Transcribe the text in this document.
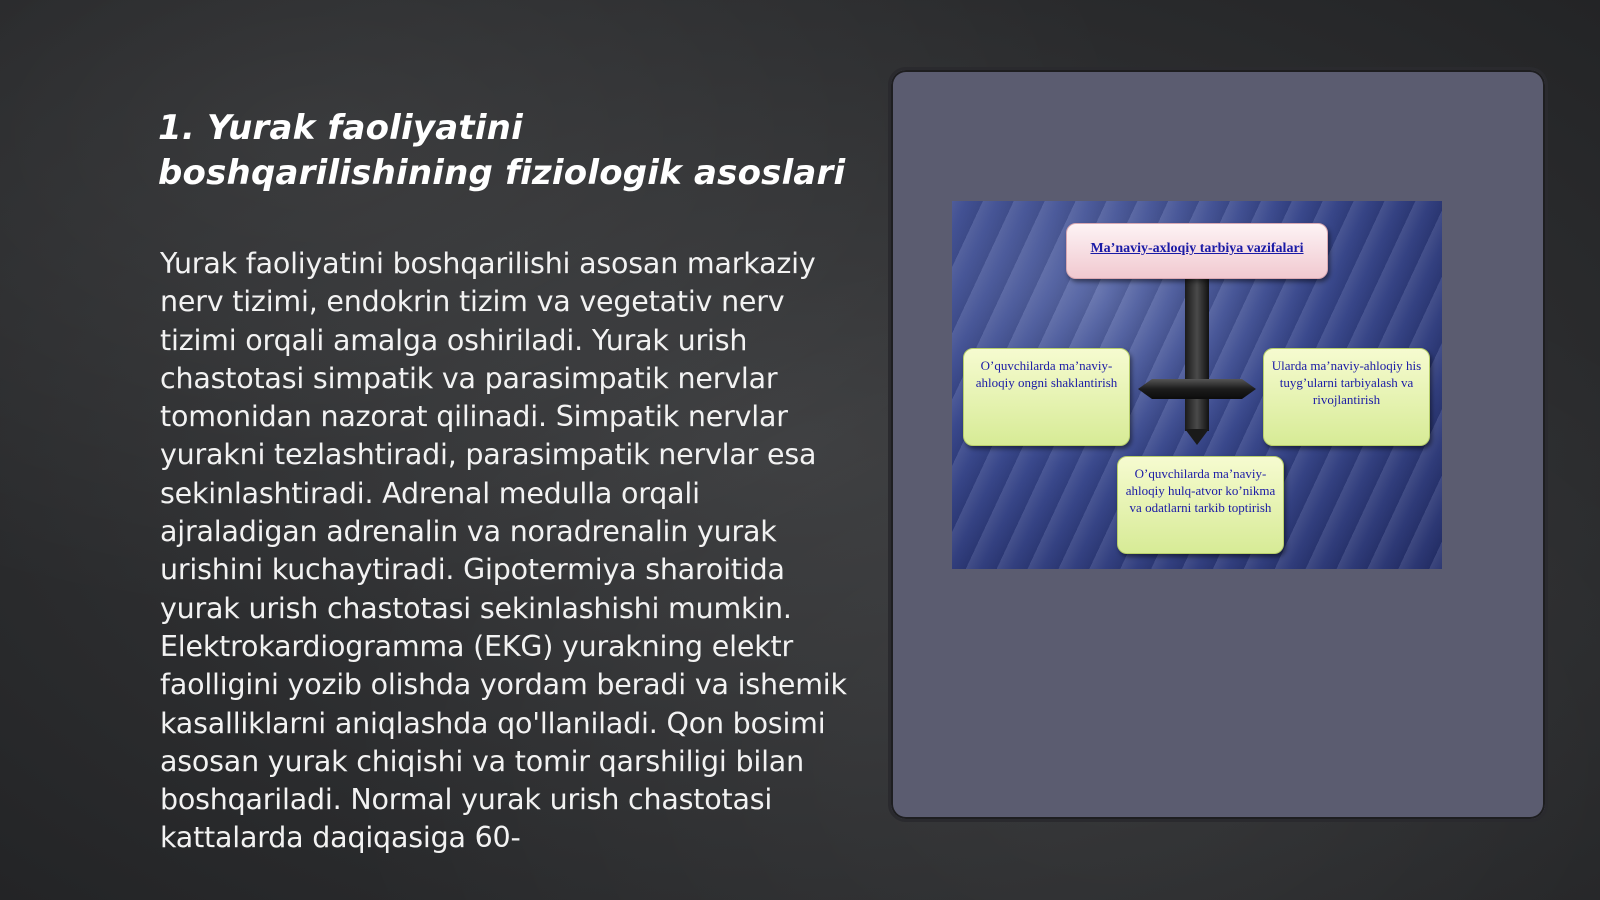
1. Yurak faoliyatini boshqarilishining fiziologik asoslari

Yurak faoliyatini boshqarilishi asosan markaziy nerv tizimi, endokrin tizim va vegetativ nerv tizimi orqali amalga oshiriladi. Yurak urish chastotasi simpatik va parasimpatik nervlar tomonidan nazorat qilinadi. Simpatik nervlar yurakni tezlashtiradi, parasimpatik nervlar esa sekinlashtiradi. Adrenal medulla orqali ajraladigan adrenalin va noradrenalin yurak urishini kuchaytiradi. Gipotermiya sharoitida yurak urish chastotasi sekinlashishi mumkin. Elektrokardiogramma (EKG) yurakning elektr faolligini yozib olishda yordam beradi va ishemik kasalliklarni aniqlashda qo'llaniladi. Qon bosimi asosan yurak chiqishi va tomir qarshiligi bilan boshqariladi. Normal yurak urish chastotasi kattalarda daqiqasiga 60-

Ma’naviy-axloqiy tarbiya vazifalari
O’quvchilarda ma’naviy-ahloqiy ongni shaklantirish
Ularda ma’naviy-ahloqiy his tuyg’ularni tarbiyalash va rivojlantirish
O’quvchilarda ma’naviy-ahloqiy hulq-atvor ko’nikma va odatlarni tarkib toptirish
